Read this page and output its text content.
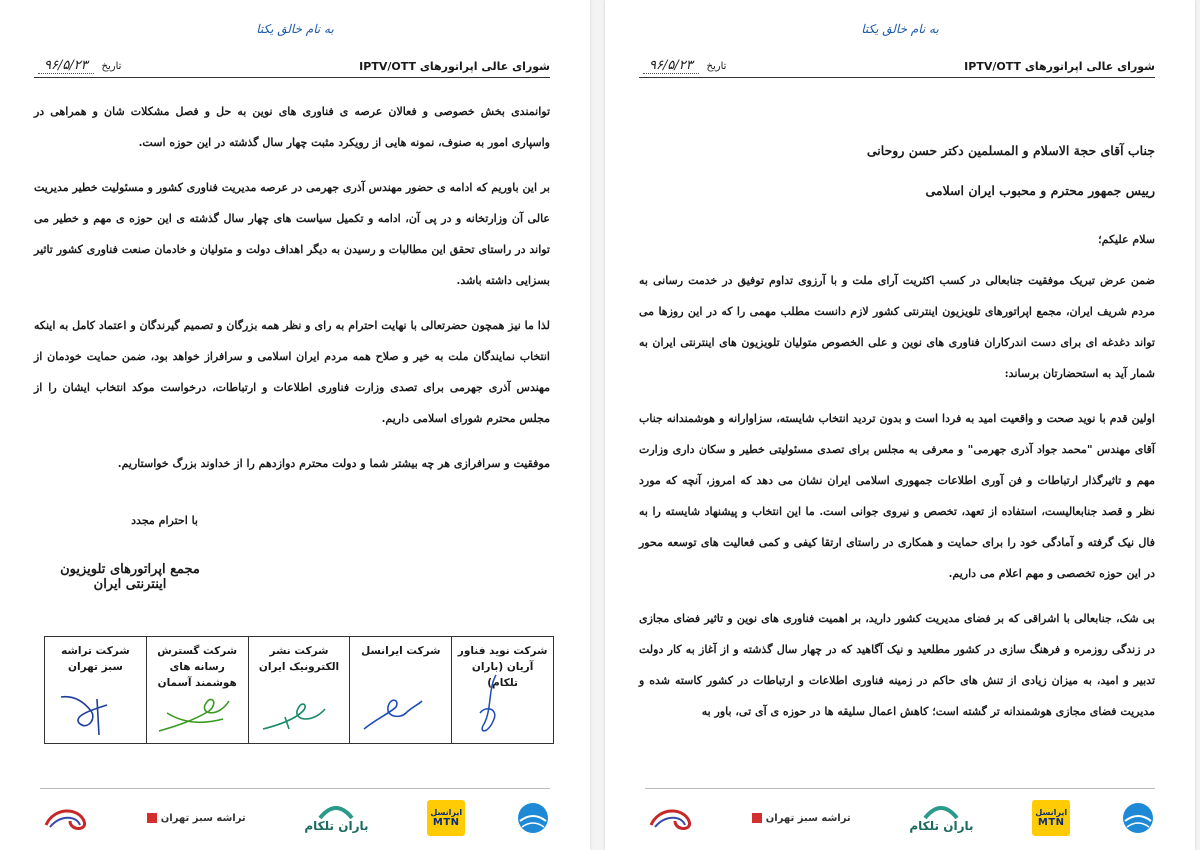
به نام خالق یکتا
شورای عالی اپراتورهای IPTV/OTT
تاریخ ۹۶/۵/۲۳

توانمندی بخش خصوصی و فعالان عرصه ی فناوری های نوین به حل و فصل مشکلات شان و همراهی در واسپاری امور به صنوف، نمونه هایی از رویکرد مثبت چهار سال گذشته در این حوزه است.

بر این باوریم که ادامه ی حضور مهندس آذری جهرمی در عرصه مدیریت فناوری کشور و مسئولیت خطیر مدیریت عالی آن وزارتخانه و در پی آن، ادامه و تکمیل سیاست های چهار سال گذشته ی این حوزه ی مهم و خطیر می تواند در راستای تحقق این مطالبات و رسیدن به دیگر اهداف دولت و متولیان و خادمان صنعت فناوری کشور تاثیر بسزایی داشته باشد.

لذا ما نیز همچون حضرتعالی با نهایت احترام به رای و نظر همه بزرگان و تصمیم گیرندگان و اعتماد کامل به اینکه انتخاب نمایندگان ملت به خیر و صلاح همه مردم ایران اسلامی و سرافراز خواهد بود، ضمن حمایت خودمان از مهندس آذری جهرمی برای تصدی وزارت فناوری اطلاعات و ارتباطات، درخواست موکد انتخاب ایشان را از مجلس محترم شورای اسلامی داریم.

موفقیت و سرافرازی هر چه بیشتر شما و دولت محترم دوازدهم را از خداوند بزرگ خواستاریم.

با احترام مجدد
مجمع اپراتورهای تلویزیون اینترنتی ایران
شرکت نوید فناور آریان (باران تلکام)
شرکت ایرانسل
شرکت نشر الکترونیک ایران
شرکت گسترش رسانه های هوشمند آسمان
شرکت تراشه سبز تهران
ایرانسل
MTN
باران تلکام
تراشه سبز تهران
به نام خالق یکتا
شورای عالی اپراتورهای IPTV/OTT
تاریخ ۹۶/۵/۲۳
جناب آقای حجة الاسلام و المسلمین دکتر حسن روحانی
رییس جمهور محترم و محبوب ایران اسلامی
سلام علیکم؛

ضمن عرض تبریک موفقیت جنابعالی در کسب اکثریت آرای ملت و با آرزوی تداوم توفیق در خدمت رسانی به مردم شریف ایران، مجمع اپراتورهای تلویزیون اینترنتی کشور لازم دانست مطلب مهمی را که در این روزها می تواند دغدغه ای برای دست اندرکاران فناوری های نوین و علی الخصوص متولیان تلویزیون های اینترنتی ایران به شمار آید به استحضارتان برساند:

اولین قدم با نوید صحت و واقعیت امید به فردا است و بدون تردید انتخاب شایسته، سزاوارانه و هوشمندانه جناب آقای مهندس "محمد جواد آذری جهرمی" و معرفی به مجلس برای تصدی مسئولیتی خطیر و سکان داری وزارت مهم و تاثیرگذار ارتباطات و فن آوری اطلاعات جمهوری اسلامی ایران نشان می دهد که امروز، آنچه که مورد نظر و قصد جنابعالیست، استفاده از تعهد، تخصص و نیروی جوانی است. ما این انتخاب و پیشنهاد شایسته را به فال نیک گرفته و آمادگی خود را برای حمایت و همکاری در راستای ارتقا کیفی و کمی فعالیت های توسعه محور در این حوزه تخصصی و مهم اعلام می داریم.

بی شک، جنابعالی با اشراقی که بر فضای مدیریت کشور دارید، بر اهمیت فناوری های نوین و تاثیر فضای مجازی در زندگی روزمره و فرهنگ سازی در کشور مطلعید و نیک آگاهید که در چهار سال گذشته و از آغاز به کار دولت تدبیر و امید، به میزان زیادی از تنش های حاکم در زمینه فناوری اطلاعات و ارتباطات در کشور کاسته شده و مدیریت فضای مجازی هوشمندانه تر گشته است؛ کاهش اعمال سلیقه ها در حوزه ی آی تی، باور به

ایرانسل
MTN
باران تلکام
تراشه سبز تهران
